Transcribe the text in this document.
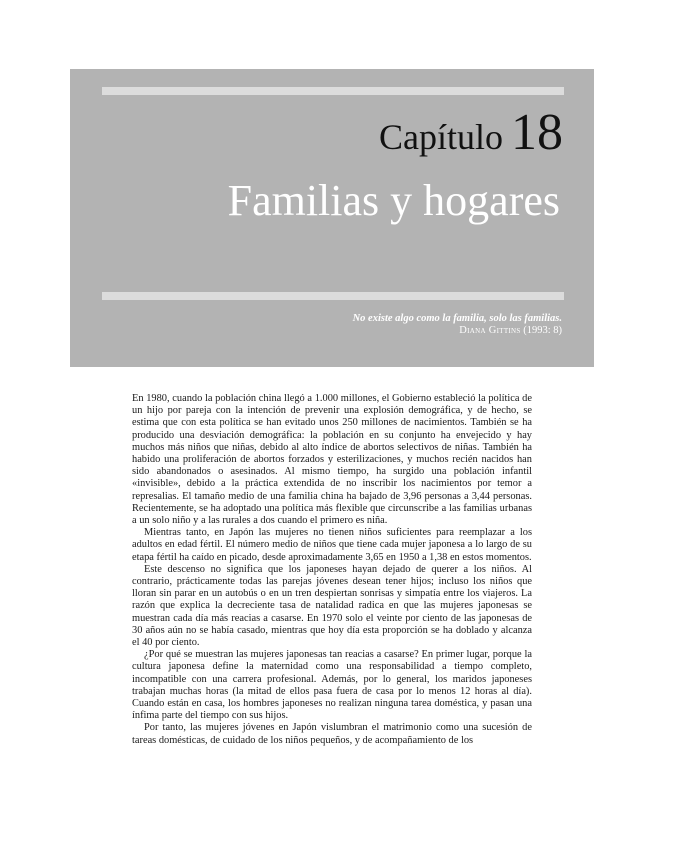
Capítulo 18
Familias y hogares
No existe algo como la familia, solo las familias.
Diana Gittins (1993: 8)

En 1980, cuando la población china llegó a 1.000 millones, el Gobierno estableció la política de un hijo por pareja con la intención de prevenir una explosión demográfica, y de hecho, se estima que con esta política se han evitado unos 250 millones de nacimientos. También se ha producido una desviación demográfica: la población en su conjunto ha envejecido y hay muchos más niños que niñas, debido al alto índice de abortos selectivos de niñas. También ha habido una proliferación de abortos forzados y esterilizaciones, y muchos recién nacidos han sido abandonados o asesinados. Al mismo tiempo, ha surgido una población infantil «invisible», debido a la práctica extendida de no inscribir los nacimientos por temor a represalias. El tamaño medio de una familia china ha bajado de 3,96 personas a 3,44 personas. Recientemente, se ha adoptado una política más flexible que circunscribe a las familias urbanas a un solo niño y a las rurales a dos cuando el primero es niña.

Mientras tanto, en Japón las mujeres no tienen niños suficientes para reemplazar a los adultos en edad fértil. El número medio de niños que tiene cada mujer japonesa a lo largo de su etapa fértil ha caído en picado, desde aproximadamente 3,65 en 1950 a 1,38 en estos momentos.

Este descenso no significa que los japoneses hayan dejado de querer a los niños. Al contrario, prácticamente todas las parejas jóvenes desean tener hijos; incluso los niños que lloran sin parar en un autobús o en un tren despiertan sonrisas y simpatía entre los viajeros. La razón que explica la decreciente tasa de natalidad radica en que las mujeres japonesas se muestran cada día más reacias a casarse. En 1970 solo el veinte por ciento de las japonesas de 30 años aún no se había casado, mientras que hoy día esta proporción se ha doblado y alcanza el 40 por ciento.

¿Por qué se muestran las mujeres japonesas tan reacias a casarse? En primer lugar, porque la cultura japonesa define la maternidad como una responsabilidad a tiempo completo, incompatible con una carrera profesional. Además, por lo general, los maridos japoneses trabajan muchas horas (la mitad de ellos pasa fuera de casa por lo menos 12 horas al día). Cuando están en casa, los hombres japoneses no realizan ninguna tarea doméstica, y pasan una ínfima parte del tiempo con sus hijos.

Por tanto, las mujeres jóvenes en Japón vislumbran el matrimonio como una sucesión de tareas domésticas, de cuidado de los niños pequeños, y de acompañamiento de los
